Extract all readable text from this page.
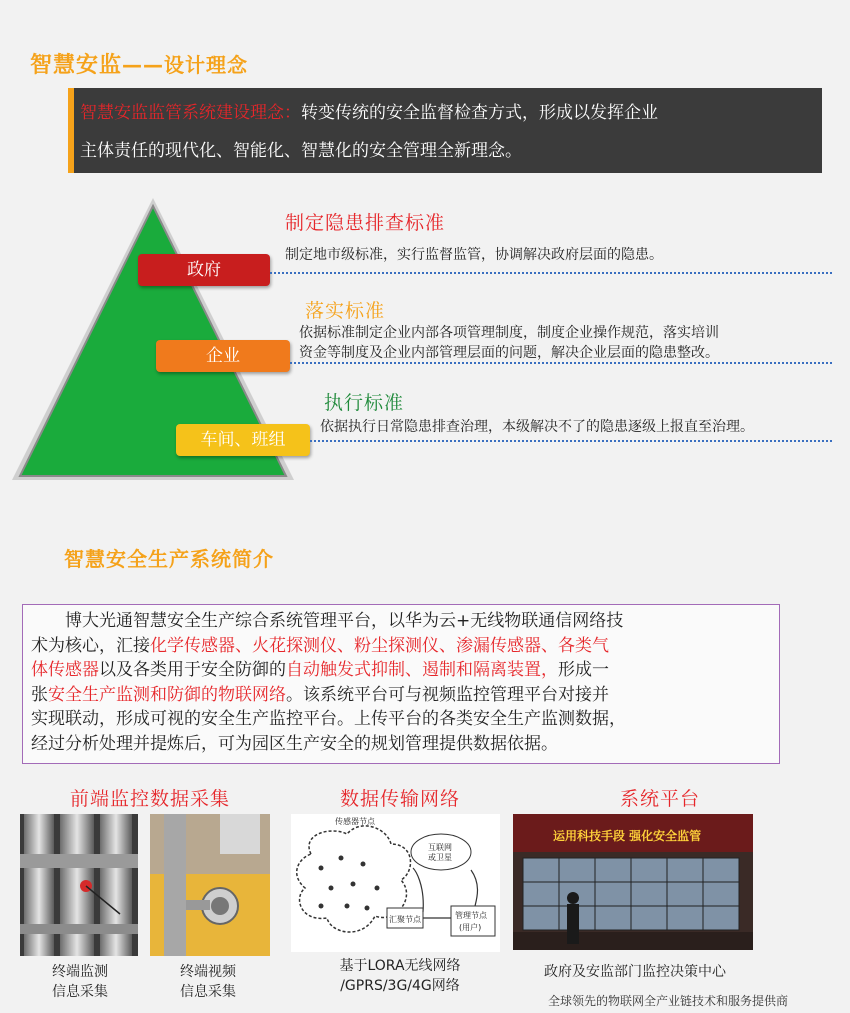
智慧安监——设计理念
智慧安监监管系统建设理念：转变传统的安全监督检查方式，形成以发挥企业
主体责任的现代化、智能化、智慧化的安全管理全新理念。
政府
制定隐患排查标准
制定地市级标准，实行监督监管，协调解决政府层面的隐患。
企业
落实标准
依据标准制定企业内部各项管理制度，制度企业操作规范，落实培训
资金等制度及企业内部管理层面的问题，解决企业层面的隐患整改。
车间、班组
执行标准
依据执行日常隐患排查治理，本级解决不了的隐患逐级上报直至治理。
智慧安全生产系统简介
博大光通智慧安全生产综合系统管理平台，以华为云+无线物联通信网络技
术为核心，汇接化学传感器、火花探测仪、粉尘探测仪、渗漏传感器、各类气
体传感器以及各类用于安全防御的自动触发式抑制、遏制和隔离装置，形成一
张安全生产监测和防御的物联网络。该系统平台可与视频监控管理平台对接并
实现联动，形成可视的安全生产监控平台。上传平台的各类安全生产监测数据，
经过分析处理并提炼后，可为园区生产安全的规划管理提供数据依据。
前端监控数据采集	数据传输网络	系统平台
传感器节点
互联网
或卫星
汇聚节点	管理节点
(用户)
运用科技手段 强化安全监管
终端监测
信息采集
终端视频
信息采集
基于LORA无线网络
/GPRS/3G/4G网络
政府及安监部门监控决策中心
全球领先的物联网全产业链技术和服务提供商
